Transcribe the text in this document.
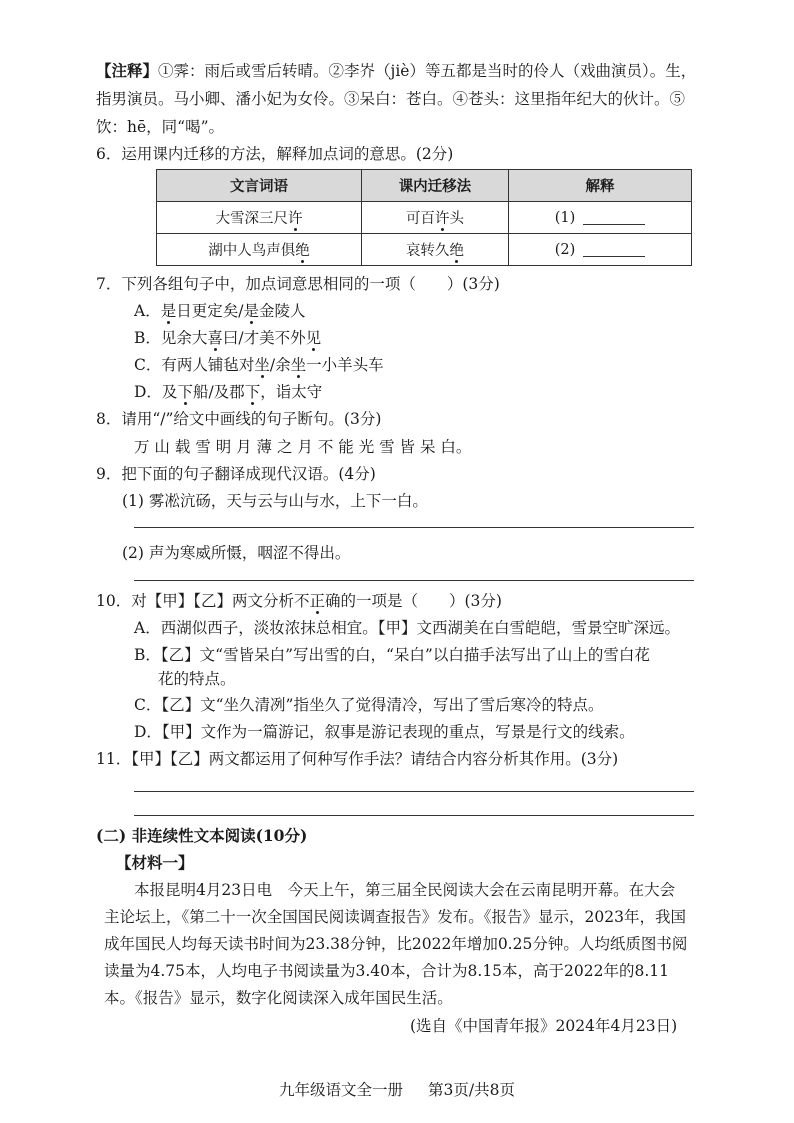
【注释】①霁：雨后或雪后转晴。②李岕（jiè）等五都是当时的伶人（戏曲演员）。生，
指男演员。马小卿、潘小妃为女伶。③呆白：苍白。④苍头：这里指年纪大的伙计。⑤
饮：hē，同“喝”。
6．运用课内迁移的方法，解释加点词的意思。(2分)
文言词语	课内迁移法	解释
大雪深三尺许	可百许头	(1)
湖中人鸟声俱绝	哀转久绝	(2)
7．下列各组句子中，加点词意思相同的一项（　　）(3分)
A．是日更定矣/是金陵人
B．见余大喜曰/才美不外见
C．有两人铺毡对坐/余坐一小羊头车
D．及下船/及郡下，诣太守
8．请用“/”给文中画线的句子断句。(3分)
万 山 载 雪 明 月 薄 之 月 不 能 光 雪 皆 呆 白。
9．把下面的句子翻译成现代汉语。(4分)
(1) 雾凇沆砀，天与云与山与水，上下一白。
(2) 声为寒威所慑，咽涩不得出。
10．对【甲】【乙】两文分析不正确的一项是（　　）(3分)
A．西湖似西子，淡妆浓抹总相宜。【甲】文西湖美在白雪皑皑，雪景空旷深远。
B．【乙】文“雪皆呆白”写出雪的白，“呆白”以白描手法写出了山上的雪白花
花的特点。
C．【乙】文“坐久清冽”指坐久了觉得清冷，写出了雪后寒冷的特点。
D．【甲】文作为一篇游记，叙事是游记表现的重点，写景是行文的线索。
11．【甲】【乙】两文都运用了何种写作手法？请结合内容分析其作用。(3分)
(二) 非连续性文本阅读(10分)
【材料一】
本报昆明4月23日电　今天上午，第三届全民阅读大会在云南昆明开幕。在大会
主论坛上，《第二十一次全国国民阅读调查报告》发布。《报告》显示，2023年，我国
成年国民人均每天读书时间为23.38分钟，比2022年增加0.25分钟。人均纸质图书阅
读量为4.75本，人均电子书阅读量为3.40本，合计为8.15本，高于2022年的8.11
本。《报告》显示，数字化阅读深入成年国民生活。
(选自《中国青年报》2024年4月23日)
九年级语文全一册 第3页/共8页
